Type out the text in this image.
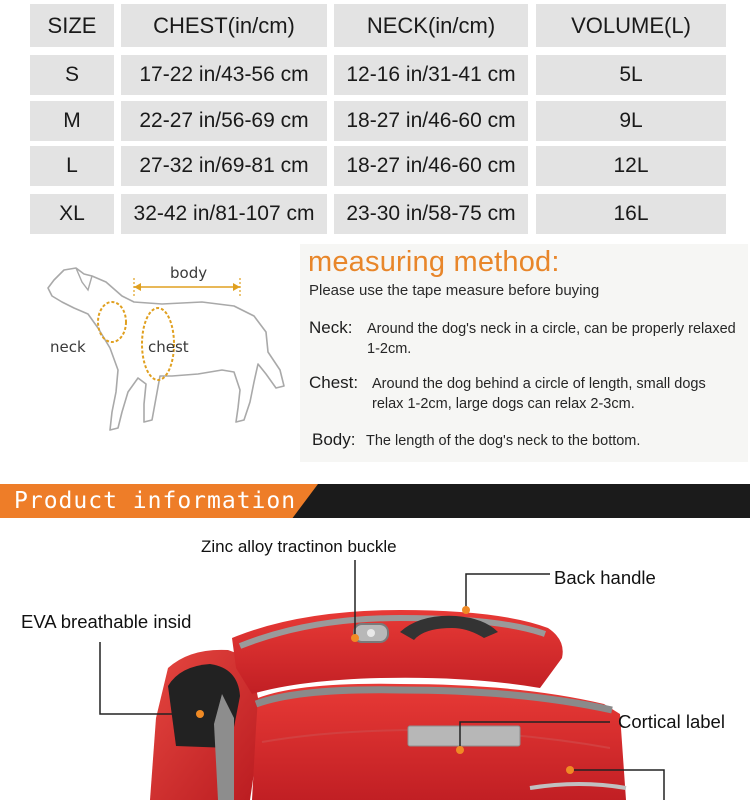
SIZE	CHEST(in/cm)	NECK(in/cm)	VOLUME(L)
S	17-22 in/43-56 cm	12-16 in/31-41 cm	5L
M	22-27 in/56-69 cm	18-27 in/46-60 cm	9L
L	27-32 in/69-81 cm	18-27 in/46-60 cm	12L
XL	32-42 in/81-107 cm	23-30 in/58-75 cm	16L
body
neck	chest
measuring method:
Please use the tape measure before buying
Neck: Around the dog's neck in a circle, can be properly relaxed 1-2cm.
Chest: Around the dog behind a circle of length, small dogs relax 1-2cm, large dogs can relax 2-3cm.
Body: The length of the dog's neck to the bottom.
Product information
Zinc alloy tractinon buckle
Back handle
EVA breathable insid
Cortical label
